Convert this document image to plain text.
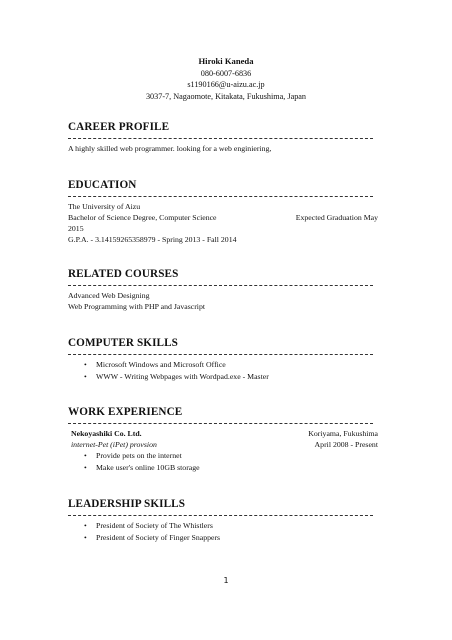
Hiroki Kaneda
080-6007-6836
s1190166@u-aizu.ac.jp
3037-7, Nagaomote, Kitakata, Fukushima, Japan
CAREER PROFILE
A highly skilled web programmer. looking for a web enginiering,
EDUCATION
The University of Aizu
Bachelor of Science Degree, Computer Science	Expected Graduation May
2015
G.P.A. - 3.14159265358979 - Spring 2013 - Fall 2014
RELATED COURSES
Advanced Web Designing
Web Programming with PHP and Javascript
COMPUTER SKILLS
• Microsoft Windows and Microsoft Office
• WWW - Writing Webpages with Wordpad.exe - Master
WORK EXPERIENCE
Nekoyashiki Co. Ltd.	Koriyama, Fukushima
internet-Pet (iPet) provsion	April 2008 - Present
• Provide pets on the internet
• Make user's online 10GB storage
LEADERSHIP SKILLS
• President of Society of The Whistlers
• President of Society of Finger Snappers
1
